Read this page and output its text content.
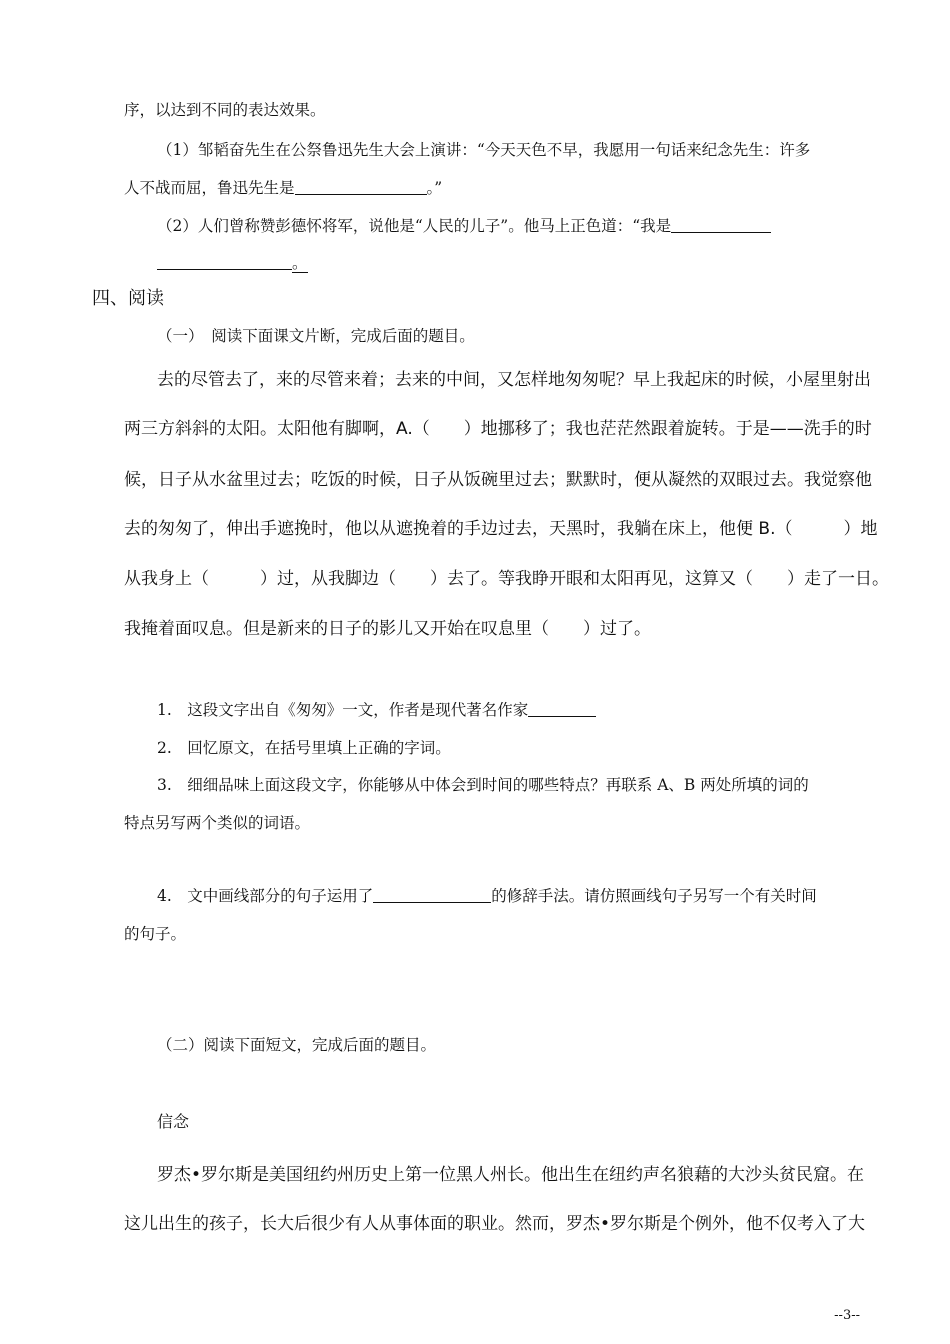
序，以达到不同的表达效果。
（1）邹韬奋先生在公祭鲁迅先生大会上演讲：“今天天色不早，我愿用一句话来纪念先生：许多
人不战而屈，鲁迅先生是	。”
（2）人们曾称赞彭德怀将军，说他是“人民的儿子”。他马上正色道：“我是
。
四、阅读
（一）　阅读下面课文片断，完成后面的题目。
去的尽管去了，来的尽管来着；去来的中间，又怎样地匆匆呢？早上我起床的时候，小屋里射出
两三方斜斜的太阳。太阳他有脚啊，A.（　　）地挪移了；我也茫茫然跟着旋转。于是——洗手的时
候，日子从水盆里过去；吃饭的时候，日子从饭碗里过去；默默时，便从凝然的双眼过去。我觉察他
去的匆匆了，伸出手遮挽时，他以从遮挽着的手边过去，天黑时，我躺在床上，他便 B.（　　　）地
从我身上（　　　）过，从我脚边（　　）去了。等我睁开眼和太阳再见，这算又（　　）走了一日。
我掩着面叹息。但是新来的日子的影儿又开始在叹息里（　　）过了。
1.　这段文字出自《匆匆》一文，作者是现代著名作家
2.　回忆原文，在括号里填上正确的字词。
3.　细细品味上面这段文字，你能够从中体会到时间的哪些特点？再联系 A、B 两处所填的词的
特点另写两个类似的词语。
4.　文中画线部分的句子运用了	的修辞手法。请仿照画线句子另写一个有关时间
的句子。
（二）阅读下面短文，完成后面的题目。
信念
罗杰•罗尔斯是美国纽约州历史上第一位黑人州长。他出生在纽约声名狼藉的大沙头贫民窟。在
这儿出生的孩子，长大后很少有人从事体面的职业。然而，罗杰•罗尔斯是个例外，他不仅考入了大
--3--
